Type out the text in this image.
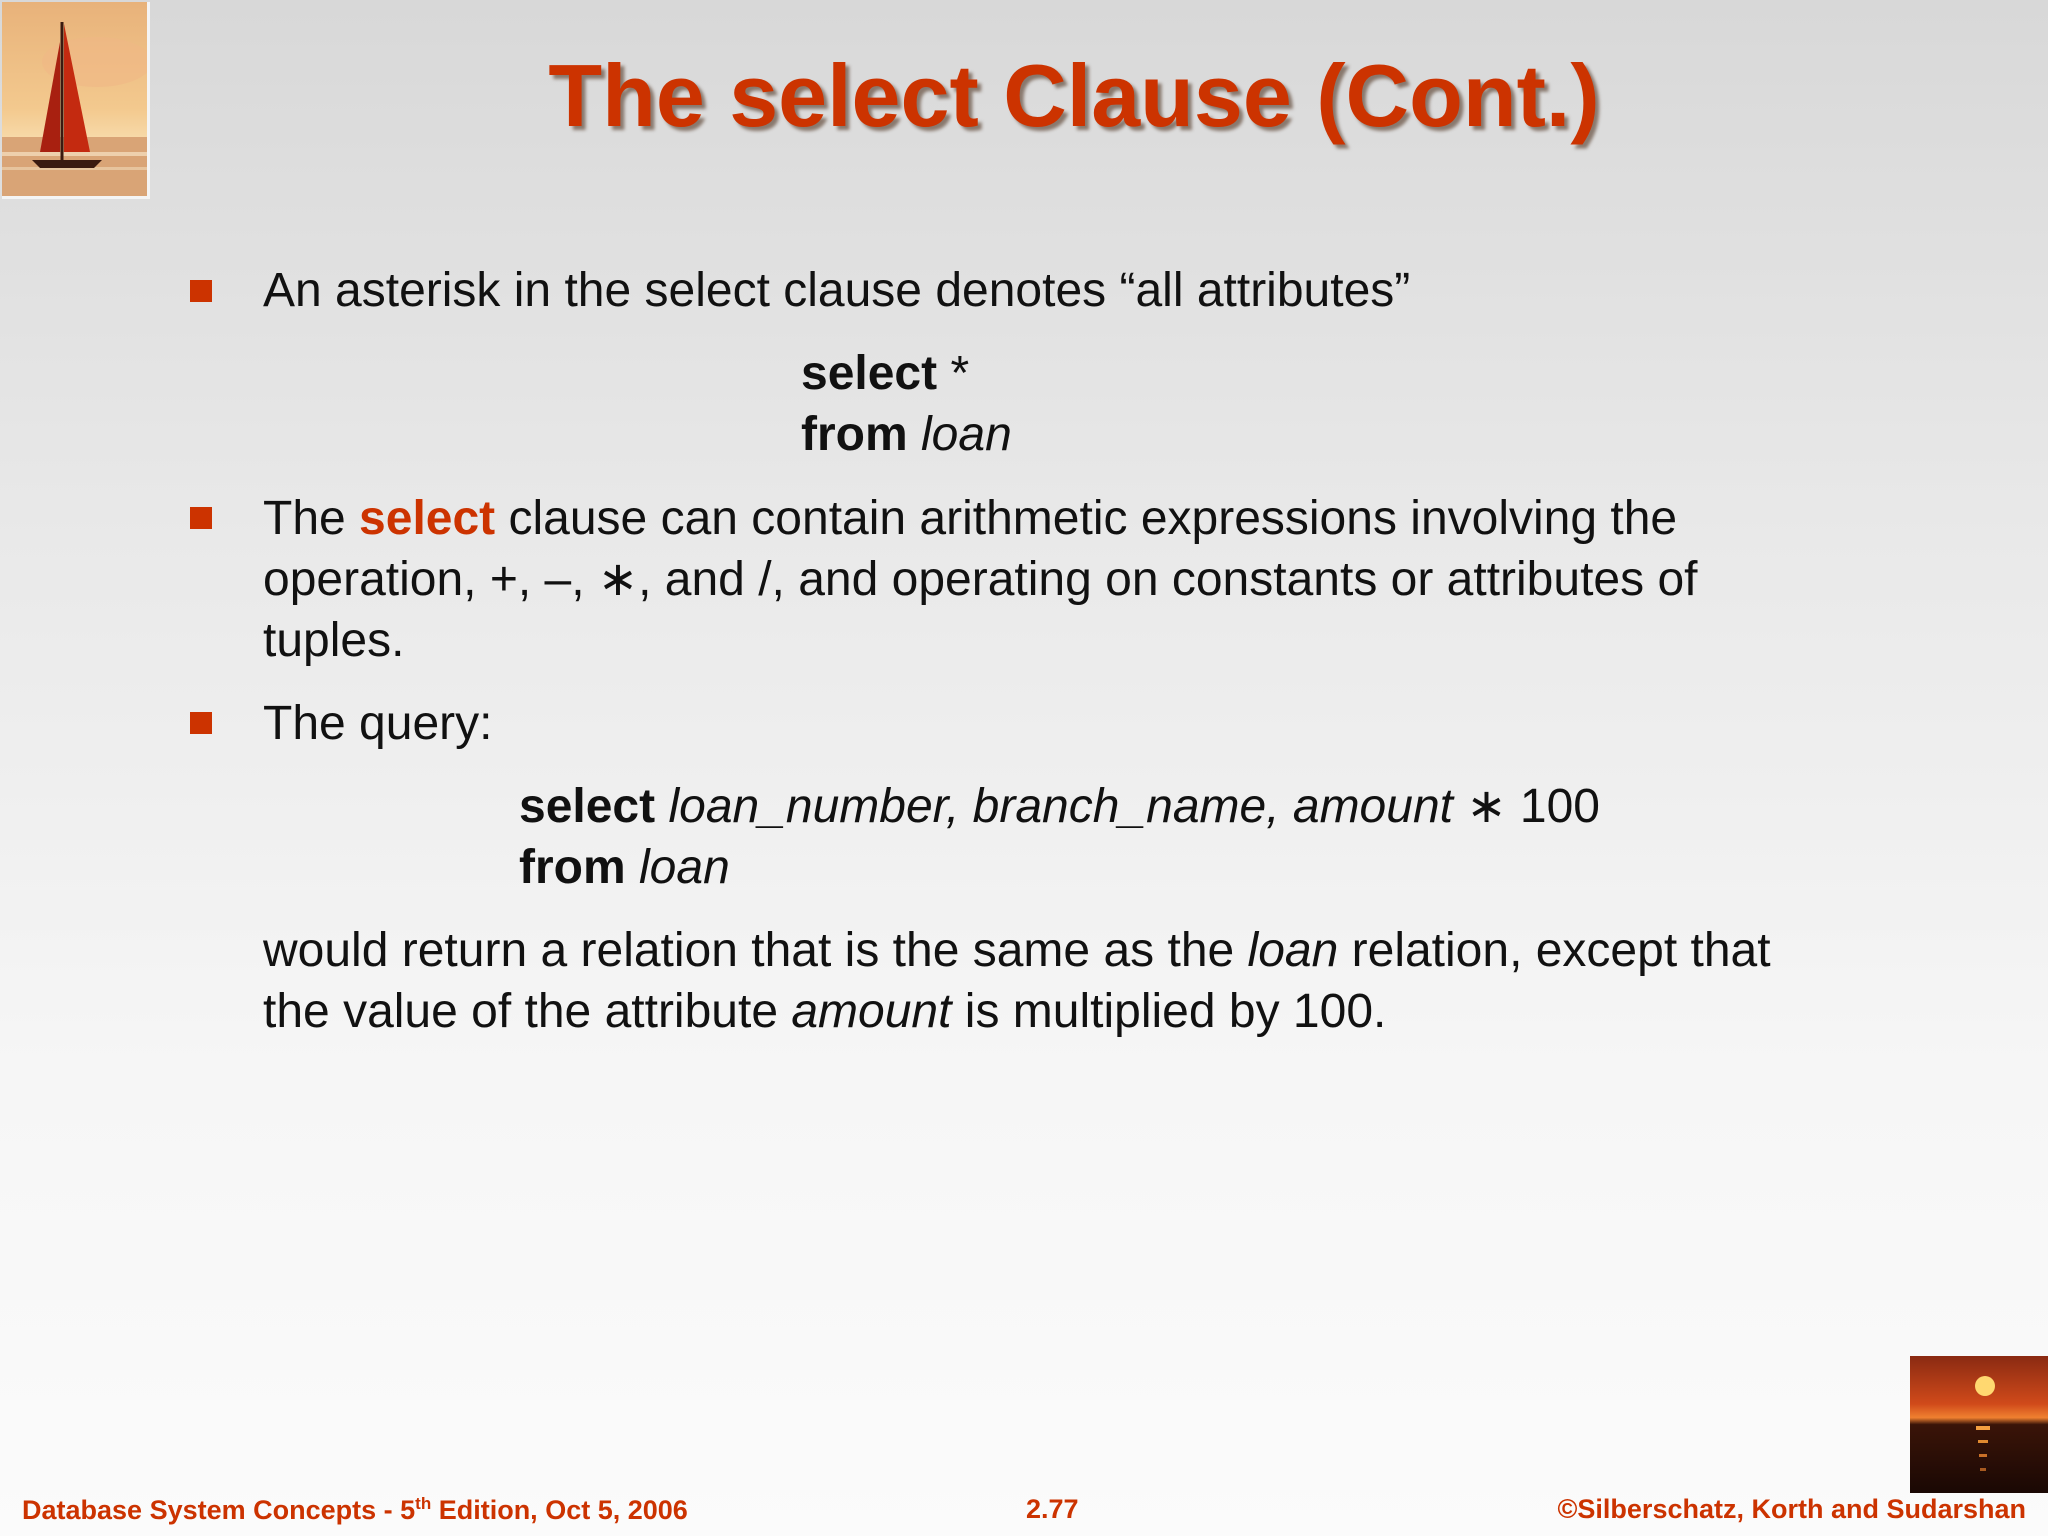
The select Clause (Cont.)
An asterisk in the select clause denotes “all attributes”
select *
from loan
The select clause can contain arithmetic expressions involving the
operation, +, –, ∗, and /, and operating on constants or attributes of
tuples.
The query:
select loan_number, branch_name, amount ∗ 100
from loan
would return a relation that is the same as the loan relation, except that
the value of the attribute amount is multiplied by 100.
Database System Concepts - 5th Edition, Oct 5, 2006	2.77	©Silberschatz, Korth and Sudarshan
